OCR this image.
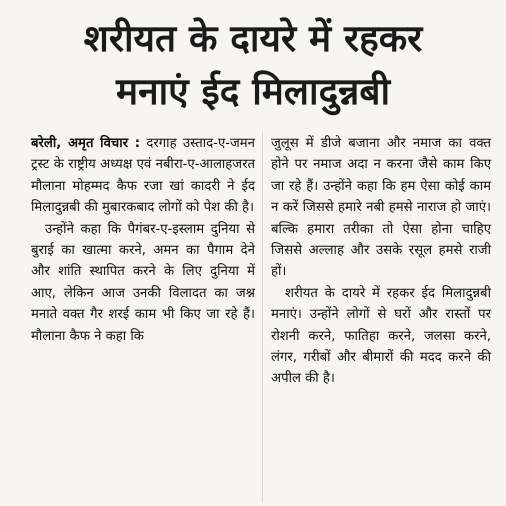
शरीयत के दायरे में रहकर
मनाएं ईद मिलादुन्नबी

बरेली, अमृत विचार : दरगाह उस्ताद-ए-जमन ट्रस्ट के राष्ट्रीय अध्यक्ष एवं नबीरा-ए-आलाहजरत मौलाना मोहम्मद कैफ रजा खां कादरी ने ईद मिलादुन्नबी की मुबारकबाद लोगों को पेश की है।

उन्होंने कहा कि पैगंबर-ए-इस्लाम दुनिया से बुराई का खात्मा करने, अमन का पैगाम देने और शांति स्थापित करने के लिए दुनिया में आए, लेकिन आज उनकी विलादत का जश्न मनाते वक्त गैर शरई काम भी किए जा रहे हैं। मौलाना कैफ ने कहा कि

जुलूस में डीजे बजाना और नमाज का वक्त होने पर नमाज अदा न करना जैसे काम किए जा रहे हैं। उन्होंने कहा कि हम ऐसा कोई काम न करें जिससे हमारे नबी हमसे नाराज हो जाएं। बल्कि हमारा तरीका तो ऐसा होना चाहिए जिससे अल्लाह और उसके रसूल हमसे राजी हों।

शरीयत के दायरे में रहकर ईद मिलादुन्नबी मनाएं। उन्होंने लोगों से घरों और रास्तों पर रोशनी करने, फातिहा करने, जलसा करने, लंगर, गरीबों और बीमारों की मदद करने की अपील की है।
